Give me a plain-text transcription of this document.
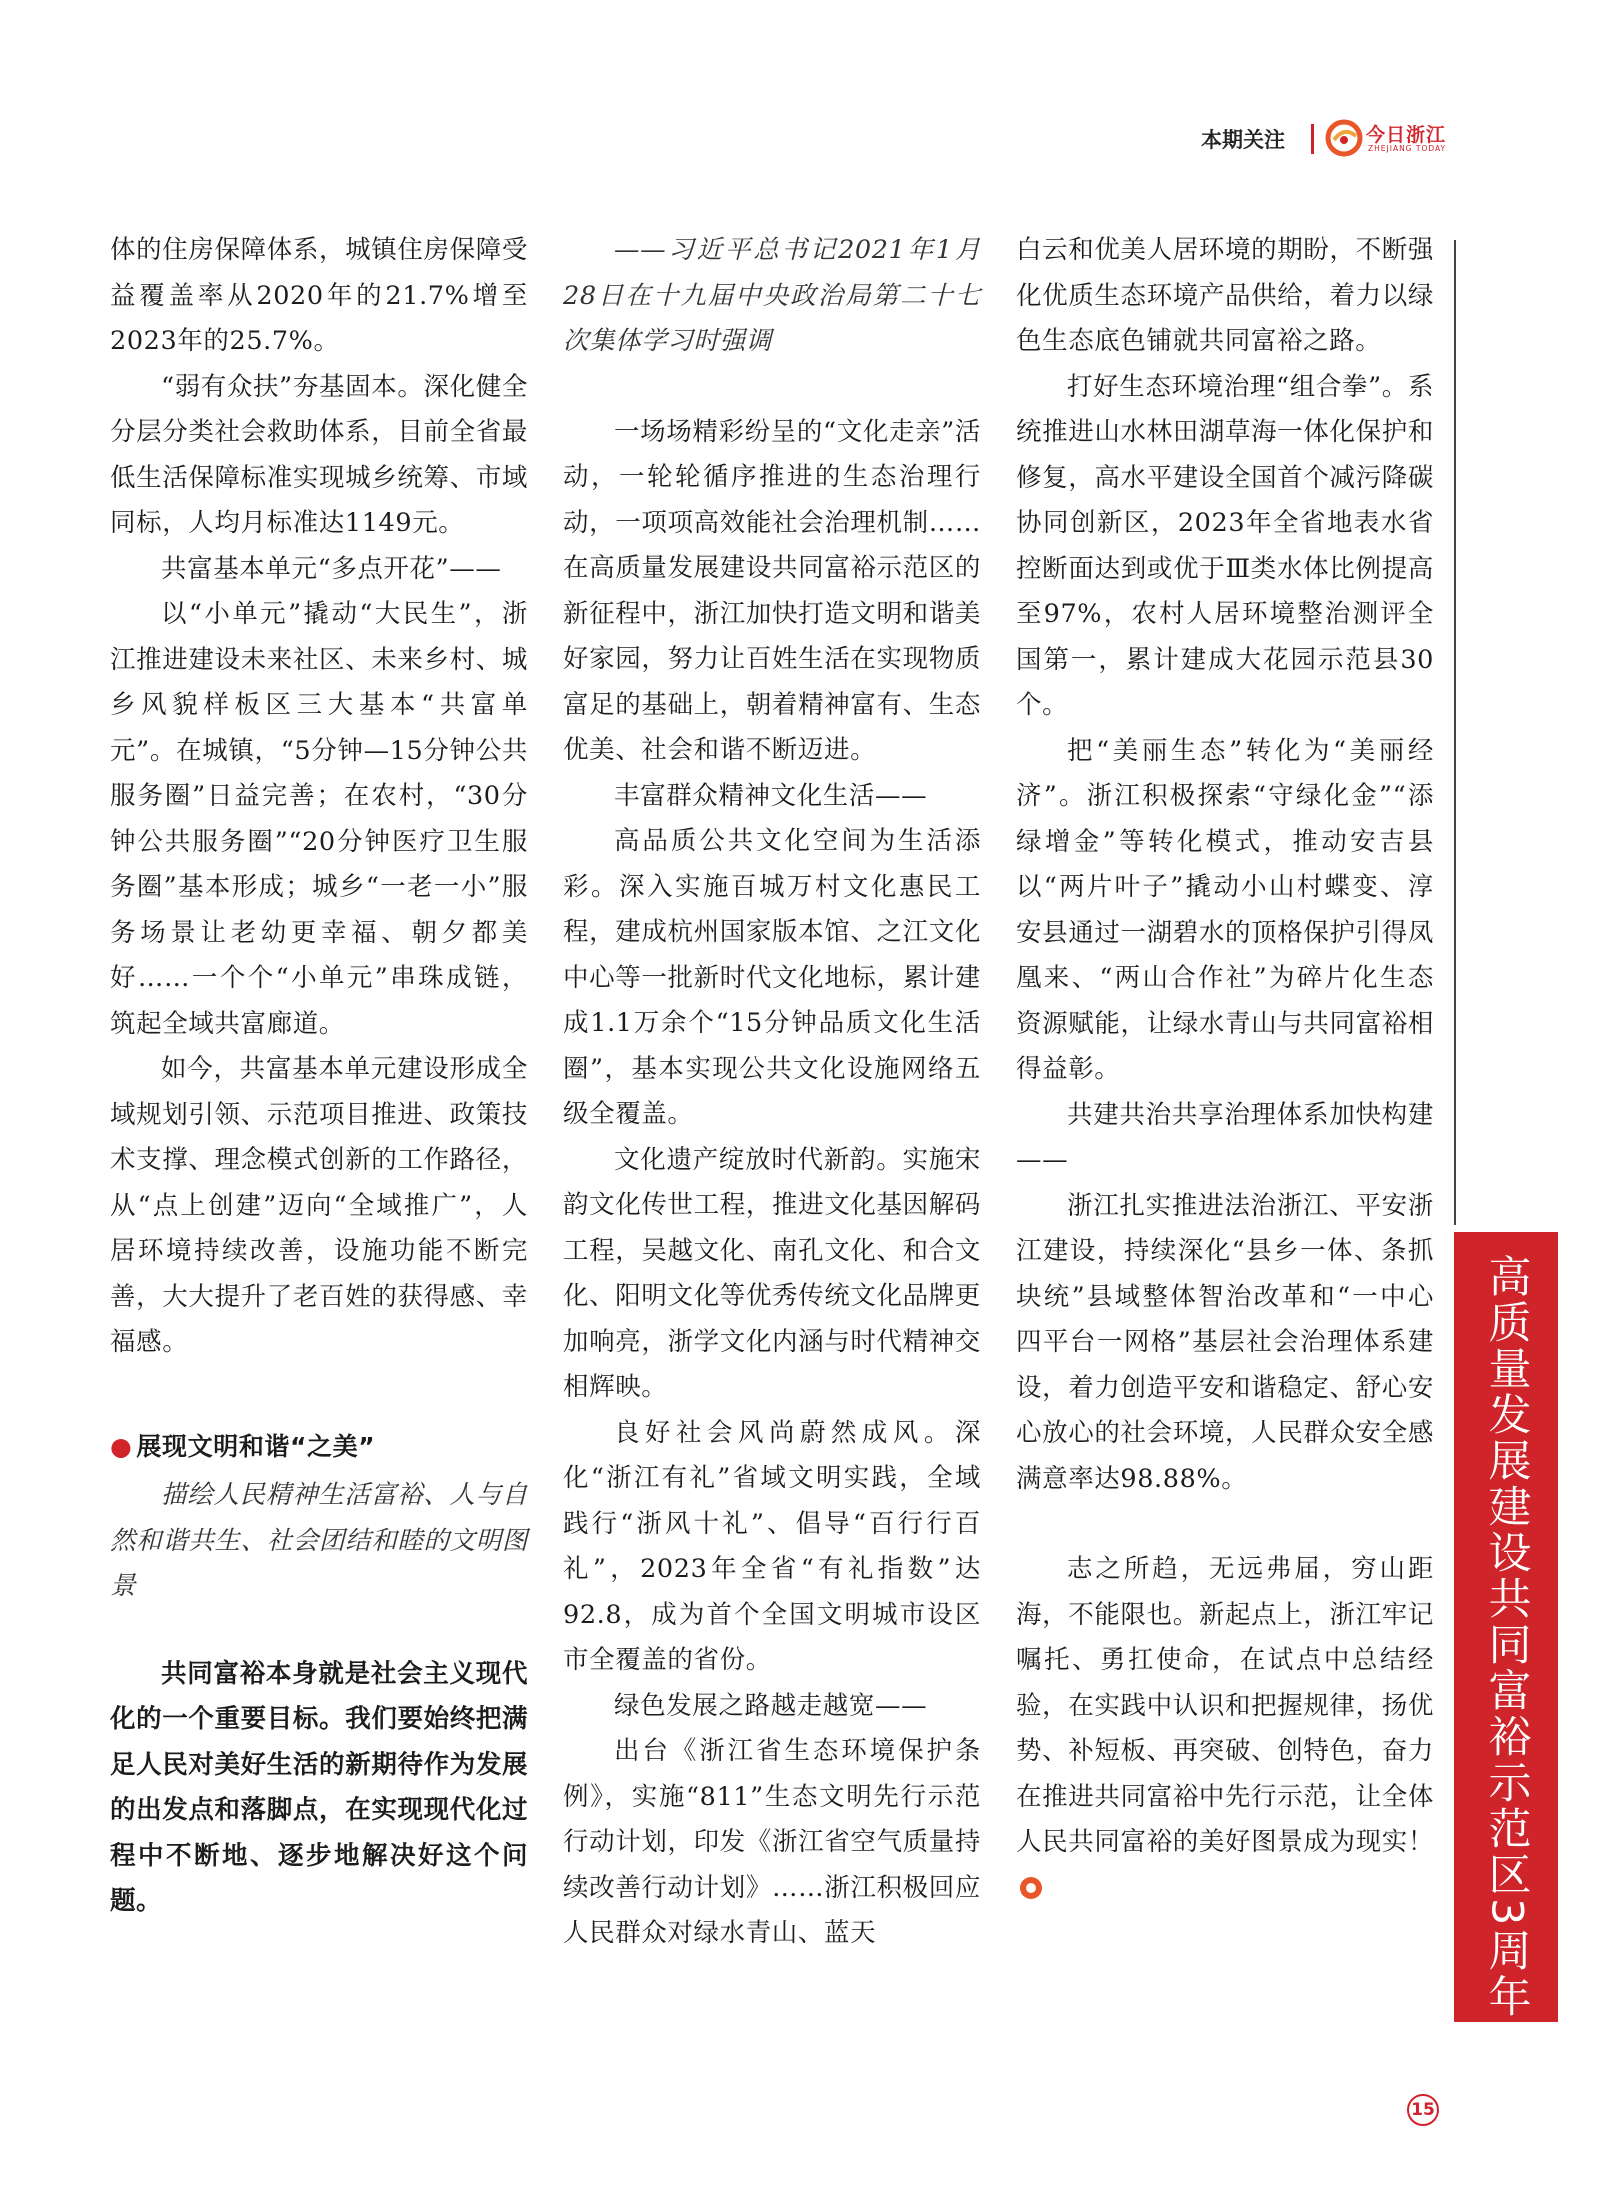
本期关注	今日浙江
ZHEJIANG TODAY

体的住房保障体系，城镇住房保障受益覆盖率从2020年的21.7%增至2023年的25.7%。

“弱有众扶”夯基固本。深化健全分层分类社会救助体系，目前全省最低生活保障标准实现城乡统筹、市域同标，人均月标准达1149元。

共富基本单元“多点开花”——

以“小单元”撬动“大民生”，浙江推进建设未来社区、未来乡村、城乡风貌样板区三大基本“共富单元”。在城镇，“5分钟—15分钟公共服务圈”日益完善；在农村，“30分钟公共服务圈”“20分钟医疗卫生服务圈”基本形成；城乡“一老一小”服务场景让老幼更幸福、朝夕都美好……一个个“小单元”串珠成链，筑起全域共富廊道。

如今，共富基本单元建设形成全域规划引领、示范项目推进、政策技术支撑、理念模式创新的工作路径，从“点上创建”迈向“全域推广”，人居环境持续改善，设施功能不断完善，大大提升了老百姓的获得感、幸福感。

● 展现文明和谐“之美”

描绘人民精神生活富裕、人与自然和谐共生、社会团结和睦的文明图景

共同富裕本身就是社会主义现代化的一个重要目标。我们要始终把满足人民对美好生活的新期待作为发展的出发点和落脚点，在实现现代化过程中不断地、逐步地解决好这个问题。

——习近平总书记2021年1月28日在十九届中央政治局第二十七次集体学习时强调

一场场精彩纷呈的“文化走亲”活动，一轮轮循序推进的生态治理行动，一项项高效能社会治理机制……在高质量发展建设共同富裕示范区的新征程中，浙江加快打造文明和谐美好家园，努力让百姓生活在实现物质富足的基础上，朝着精神富有、生态优美、社会和谐不断迈进。

丰富群众精神文化生活——

高品质公共文化空间为生活添彩。深入实施百城万村文化惠民工程，建成杭州国家版本馆、之江文化中心等一批新时代文化地标，累计建成1.1万余个“15分钟品质文化生活圈”，基本实现公共文化设施网络五级全覆盖。

文化遗产绽放时代新韵。实施宋韵文化传世工程，推进文化基因解码工程，吴越文化、南孔文化、和合文化、阳明文化等优秀传统文化品牌更加响亮，浙学文化内涵与时代精神交相辉映。

良好社会风尚蔚然成风。深化“浙江有礼”省域文明实践，全域践行“浙风十礼”、倡导“百行行百礼”，2023年全省“有礼指数”达92.8，成为首个全国文明城市设区市全覆盖的省份。

绿色发展之路越走越宽——

出台《浙江省生态环境保护条例》，实施“811”生态文明先行示范行动计划，印发《浙江省空气质量持续改善行动计划》……浙江积极回应人民群众对绿水青山、蓝天

白云和优美人居环境的期盼，不断强化优质生态环境产品供给，着力以绿色生态底色铺就共同富裕之路。

打好生态环境治理“组合拳”。系统推进山水林田湖草海一体化保护和修复，高水平建设全国首个减污降碳协同创新区，2023年全省地表水省控断面达到或优于Ⅲ类水体比例提高至97%，农村人居环境整治测评全国第一，累计建成大花园示范县30个。

把“美丽生态”转化为“美丽经济”。浙江积极探索“守绿化金”“添绿增金”等转化模式，推动安吉县以“两片叶子”撬动小山村蝶变、淳安县通过一湖碧水的顶格保护引得凤凰来、“两山合作社”为碎片化生态资源赋能，让绿水青山与共同富裕相得益彰。

共建共治共享治理体系加快构建——

浙江扎实推进法治浙江、平安浙江建设，持续深化“县乡一体、条抓块统”县域整体智治改革和“一中心四平台一网格”基层社会治理体系建设，着力创造平安和谐稳定、舒心安心放心的社会环境，人民群众安全感满意率达98.88%。

志之所趋，无远弗届，穷山距海，不能限也。新起点上，浙江牢记嘱托、勇扛使命，在试点中总结经验，在实践中认识和把握规律，扬优势、补短板、再突破、创特色，奋力在推进共同富裕中先行示范，让全体人民共同富裕的美好图景成为现实！ 高质量发展建设共同富裕示范区3周年
15
